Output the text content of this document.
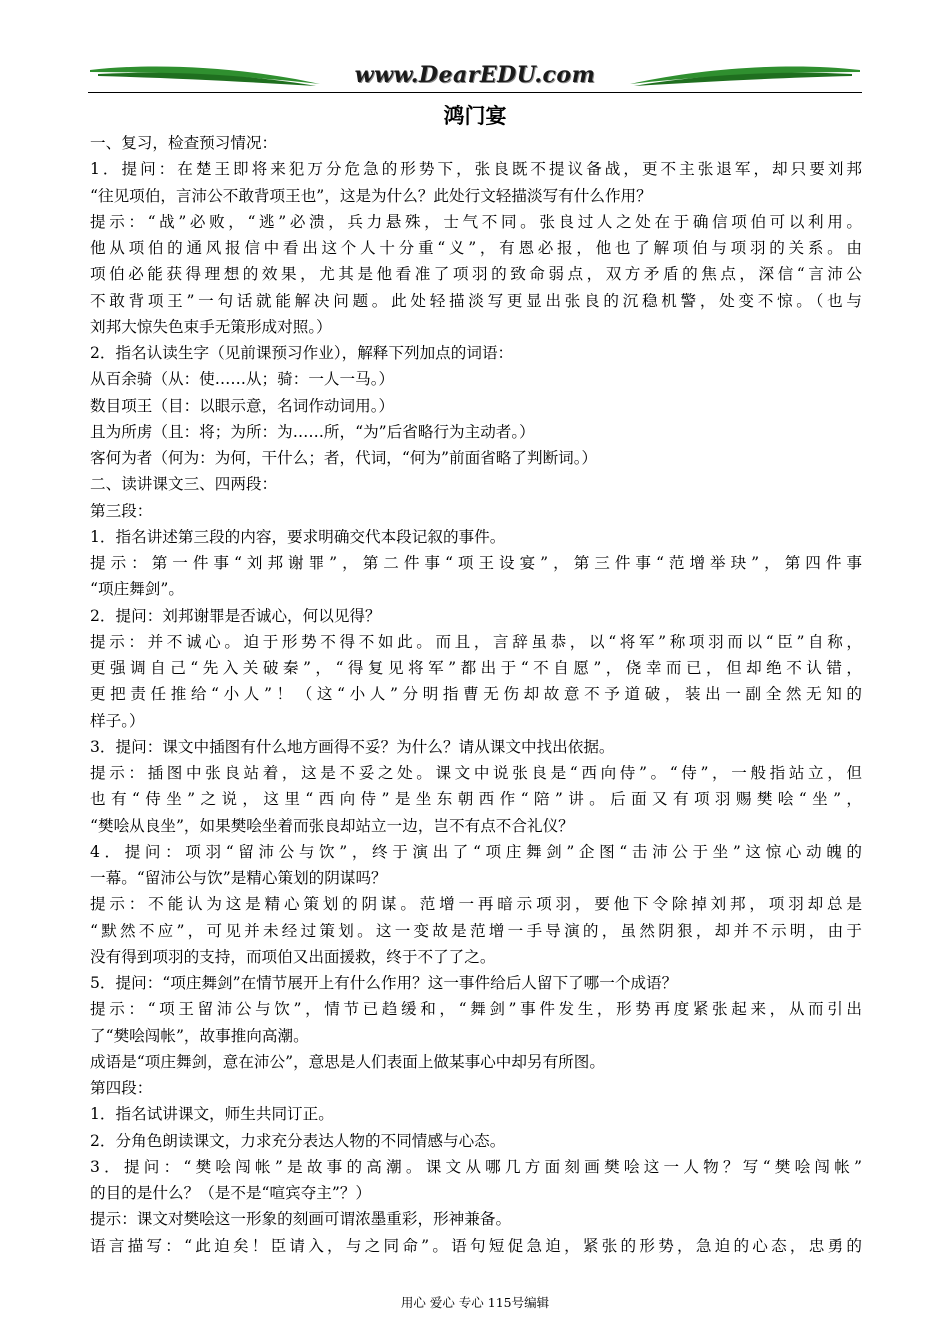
www.DearEDU.com
鸿门宴
一、复习，检查预习情况：
1．提问：在楚王即将来犯万分危急的形势下，张良既不提议备战，更不主张退军，却只要刘邦
“往见项伯，言沛公不敢背项王也”，这是为什么？此处行文轻描淡写有什么作用？
提示：“战”必败，“逃”必溃，兵力悬殊，士气不同。张良过人之处在于确信项伯可以利用。
他从项伯的通风报信中看出这个人十分重“义”，有恩必报，他也了解项伯与项羽的关系。由
项伯必能获得理想的效果，尤其是他看准了项羽的致命弱点，双方矛盾的焦点，深信“言沛公
不敢背项王”一句话就能解决问题。此处轻描淡写更显出张良的沉稳机警，处变不惊。（也与
刘邦大惊失色束手无策形成对照。）
2．指名认读生字（见前课预习作业），解释下列加点的词语：
从百余骑（从：使……从；骑：一人一马。）
数目项王（目：以眼示意，名词作动词用。）
且为所虏（且：将；为所：为……所，“为”后省略行为主动者。）
客何为者（何为：为何，干什么；者，代词，“何为”前面省略了判断词。）
二、读讲课文三、四两段：
第三段：
1．指名讲述第三段的内容，要求明确交代本段记叙的事件。
提示：第一件事“刘邦谢罪”，第二件事“项王设宴”，第三件事“范增举玦”，第四件事
“项庄舞剑”。
2．提问：刘邦谢罪是否诚心，何以见得？
提示：并不诚心。迫于形势不得不如此。而且，言辞虽恭，以“将军”称项羽而以“臣”自称，
更强调自己“先入关破秦”，“得复见将军”都出于“不自愿”，侥幸而已，但却绝不认错，
更把责任推给“小人”！（这“小人”分明指曹无伤却故意不予道破，装出一副全然无知的
样子。）
3．提问：课文中插图有什么地方画得不妥？为什么？请从课文中找出依据。
提示：插图中张良站着，这是不妥之处。课文中说张良是“西向侍”。“侍”，一般指站立，但
也有“侍坐”之说，这里“西向侍”是坐东朝西作“陪”讲。后面又有项羽赐樊哙“坐”，
“樊哙从良坐”，如果樊哙坐着而张良却站立一边，岂不有点不合礼仪？
4．提问：项羽“留沛公与饮”，终于演出了“项庄舞剑”企图“击沛公于坐”这惊心动魄的
一幕。“留沛公与饮”是精心策划的阴谋吗？
提示：不能认为这是精心策划的阴谋。范增一再暗示项羽，要他下令除掉刘邦，项羽却总是
“默然不应”，可见并未经过策划。这一变故是范增一手导演的，虽然阴狠，却并不示明，由于
没有得到项羽的支持，而项伯又出面援救，终于不了了之。
5．提问：“项庄舞剑”在情节展开上有什么作用？这一事件给后人留下了哪一个成语？
提示：“项王留沛公与饮”，情节已趋缓和，“舞剑”事件发生，形势再度紧张起来，从而引出
了“樊哙闯帐”，故事推向高潮。
成语是“项庄舞剑，意在沛公”，意思是人们表面上做某事心中却另有所图。
第四段：
1．指名试讲课文，师生共同订正。
2．分角色朗读课文，力求充分表达人物的不同情感与心态。
3．提问：“樊哙闯帐”是故事的高潮。课文从哪几方面刻画樊哙这一人物？写“樊哙闯帐”
的目的是什么？（是不是“喧宾夺主”？）
提示：课文对樊哙这一形象的刻画可谓浓墨重彩，形神兼备。
语言描写：“此迫矣！臣请入，与之同命”。语句短促急迫，紧张的形势，急迫的心态，忠勇的
用心 爱心 专心 115号编辑
